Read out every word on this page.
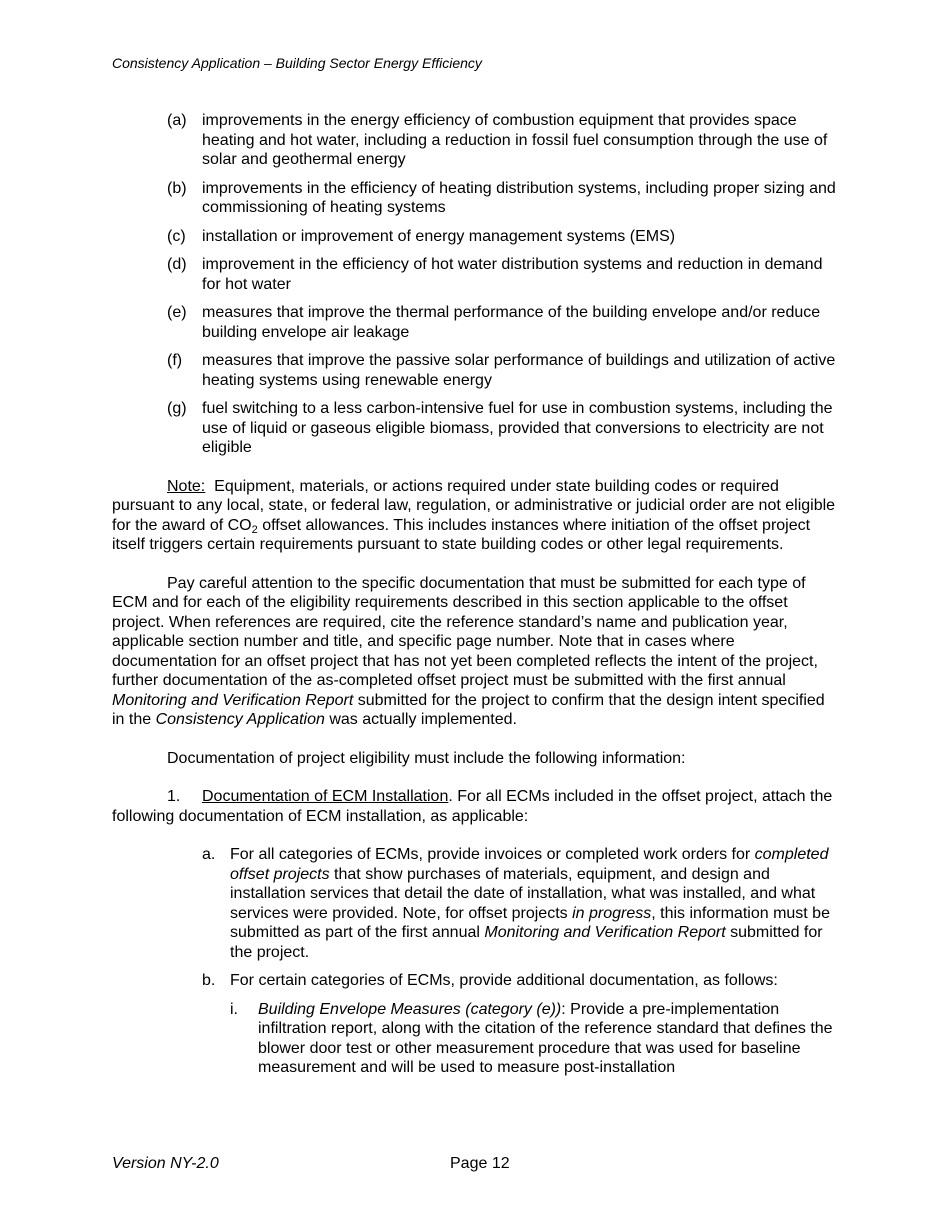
Consistency Application – Building Sector Energy Efficiency
(a) improvements in the energy efficiency of combustion equipment that provides space heating and hot water, including a reduction in fossil fuel consumption through the use of solar and geothermal energy
(b) improvements in the efficiency of heating distribution systems, including proper sizing and commissioning of heating systems
(c) installation or improvement of energy management systems (EMS)
(d) improvement in the efficiency of hot water distribution systems and reduction in demand for hot water
(e) measures that improve the thermal performance of the building envelope and/or reduce building envelope air leakage
(f) measures that improve the passive solar performance of buildings and utilization of active heating systems using renewable energy
(g) fuel switching to a less carbon-intensive fuel for use in combustion systems, including the use of liquid or gaseous eligible biomass, provided that conversions to electricity are not eligible

Note:  Equipment, materials, or actions required under state building codes or required pursuant to any local, state, or federal law, regulation, or administrative or judicial order are not eligible for the award of $CO_2$ offset allowances. This includes instances where initiation of the offset project itself triggers certain requirements pursuant to state building codes or other legal requirements.

Pay careful attention to the specific documentation that must be submitted for each type of ECM and for each of the eligibility requirements described in this section applicable to the offset project. When references are required, cite the reference standard’s name and publication year, applicable section number and title, and specific page number. Note that in cases where documentation for an offset project that has not yet been completed reflects the intent of the project, further documentation of the as-completed offset project must be submitted with the first annual Monitoring and Verification Report submitted for the project to confirm that the design intent specified in the Consistency Application was actually implemented.

Documentation of project eligibility must include the following information:

1. Documentation of ECM Installation. For all ECMs included in the offset project, attach the following documentation of ECM installation, as applicable:

a. For all categories of ECMs, provide invoices or completed work orders for completed offset projects that show purchases of materials, equipment, and design and installation services that detail the date of installation, what was installed, and what services were provided. Note, for offset projects in progress, this information must be submitted as part of the first annual Monitoring and Verification Report submitted for the project.
b. For certain categories of ECMs, provide additional documentation, as follows:
i. Building Envelope Measures (category (e)): Provide a pre-implementation infiltration report, along with the citation of the reference standard that defines the blower door test or other measurement procedure that was used for baseline measurement and will be used to measure post-installation
Version NY-2.0	Page 12
